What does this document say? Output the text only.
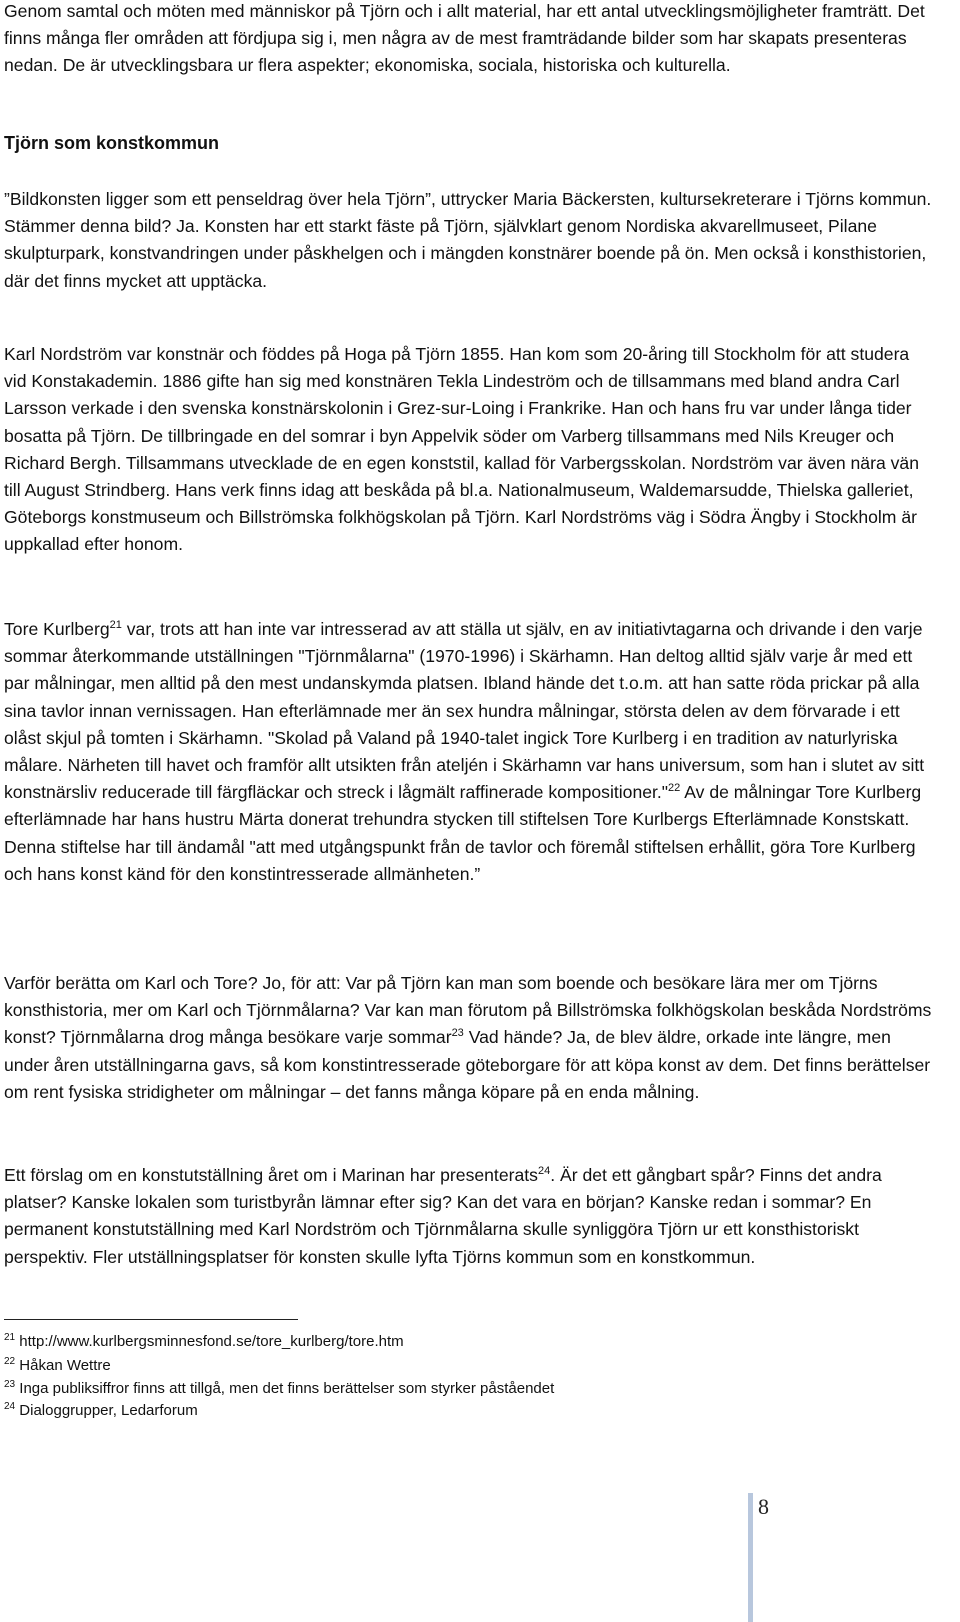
Genom samtal och möten med människor på Tjörn och i allt material, har ett antal utvecklingsmöjligheter framträtt. Det finns många fler områden att fördjupa sig i, men några av de mest framträdande bilder som har skapats presenteras nedan. De är utvecklingsbara ur flera aspekter; ekonomiska, sociala, historiska och kulturella.

Tjörn som konstkommun

”Bildkonsten ligger som ett penseldrag över hela Tjörn”, uttrycker Maria Bäckersten, kultursekreterare i Tjörns kommun. Stämmer denna bild? Ja. Konsten har ett starkt fäste på Tjörn, självklart genom Nordiska akvarellmuseet, Pilane skulpturpark, konstvandringen under påskhelgen och i mängden konstnärer boende på ön. Men också i konsthistorien, där det finns mycket att upptäcka.

Karl Nordström var konstnär och föddes på Hoga på Tjörn 1855. Han kom som 20-åring till Stockholm för att studera vid Konstakademin. 1886 gifte han sig med konstnären Tekla Lindeström och de tillsammans med bland andra Carl Larsson verkade i den svenska konstnärskolonin i Grez-sur-Loing i Frankrike. Han och hans fru var under långa tider bosatta på Tjörn. De tillbringade en del somrar i byn Appelvik söder om Varberg tillsammans med Nils Kreuger och Richard Bergh. Tillsammans utvecklade de en egen konststil, kallad för Varbergsskolan. Nordström var även nära vän till August Strindberg. Hans verk finns idag att beskåda på bl.a. Nationalmuseum, Waldemarsudde, Thielska galleriet, Göteborgs konstmuseum och Billströmska folkhögskolan på Tjörn. Karl Nordströms väg i Södra Ängby i Stockholm är uppkallad efter honom.

Tore Kurlberg$^{21}$ var, trots att han inte var intresserad av att ställa ut själv, en av initiativtagarna och drivande i den varje sommar återkommande utställningen "Tjörnmålarna" (1970-1996) i Skärhamn. Han deltog alltid själv varje år med ett par målningar, men alltid på den mest undanskymda platsen. Ibland hände det t.o.m. att han satte röda prickar på alla sina tavlor innan vernissagen. Han efterlämnade mer än sex hundra målningar, största delen av dem förvarade i ett olåst skjul på tomten i Skärhamn. "Skolad på Valand på 1940-talet ingick Tore Kurlberg i en tradition av naturlyriska målare. Närheten till havet och framför allt utsikten från ateljén i Skärhamn var hans universum, som han i slutet av sitt konstnärsliv reducerade till färgfläckar och streck i lågmält raffinerade kompositioner."$^{22}$ Av de målningar Tore Kurlberg efterlämnade har hans hustru Märta donerat trehundra stycken till stiftelsen Tore Kurlbergs Efterlämnade Konstskatt. Denna stiftelse har till ändamål "att med utgångspunkt från de tavlor och föremål stiftelsen erhållit, göra Tore Kurlberg och hans konst känd för den konstintresserade allmänheten.”

Varför berätta om Karl och Tore? Jo, för att: Var på Tjörn kan man som boende och besökare lära mer om Tjörns konsthistoria, mer om Karl och Tjörnmålarna? Var kan man förutom på Billströmska folkhögskolan beskåda Nordströms konst? Tjörnmålarna drog många besökare varje sommar$^{23}$ Vad hände? Ja, de blev äldre, orkade inte längre, men under åren utställningarna gavs, så kom konstintresserade göteborgare för att köpa konst av dem. Det finns berättelser om rent fysiska stridigheter om målningar – det fanns många köpare på en enda målning.

Ett förslag om en konstutställning året om i Marinan har presenterats$^{24}$. Är det ett gångbart spår? Finns det andra platser? Kanske lokalen som turistbyrån lämnar efter sig? Kan det vara en början? Kanske redan i sommar? En permanent konstutställning med Karl Nordström och Tjörnmålarna skulle synliggöra Tjörn ur ett konsthistoriskt perspektiv. Fler utställningsplatser för konsten skulle lyfta Tjörns kommun som en konstkommun.

$^{21}$ http://www.kurlbergsminnesfond.se/tore_kurlberg/tore.htm
$^{22}$ Håkan Wettre
$^{23}$ Inga publiksiffror finns att tillgå, men det finns berättelser som styrker påståendet
$^{24}$ Dialoggrupper, Ledarforum
8
